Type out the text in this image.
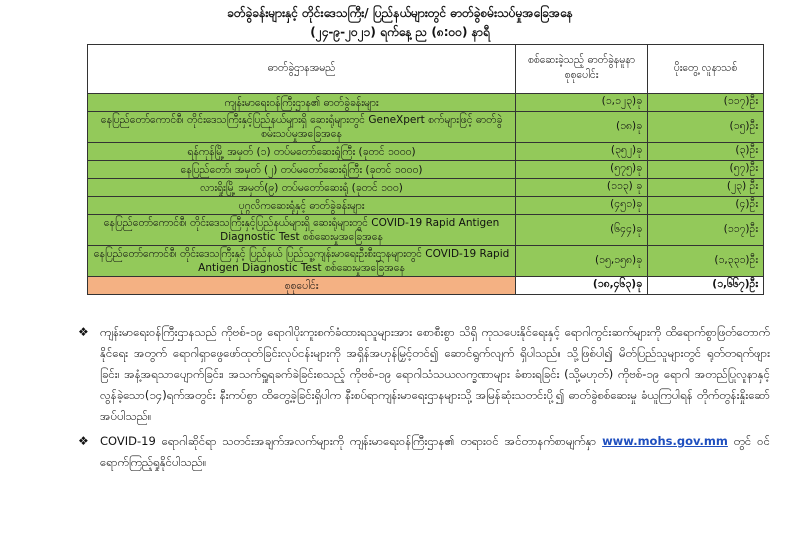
ခတ်ခွဲခန်းများနှင့် တိုင်းဒေသကြီး/ ပြည်နယ်များတွင် ဓာတ်ခွဲစမ်းသပ်မှုအခြေအနေ
(၂၄-၉-၂၀၂၁) ရက်နေ့ ည (၈:၀၀) နာရီ
ဓာတ်ခွဲဌာနအမည်	စစ်ဆေးခဲ့သည့် ဓာတ်ခွဲနမူနာ စုစုပေါင်း	ပိုးတွေ့ လူနာသစ်
ကျန်းမာရေးဝန်ကြီးဌာန၏ ဓာတ်ခွဲခန်းများ	(၁,၁၂၃)ခု	(၁၁၇)ဦး
နေပြည်တော်ကောင်စီ၊ တိုင်းဒေသကြီးနှင့်ပြည်နယ်များရှိ ဆေးရုံများတွင် GeneXpert စက်များဖြင့် ဓာတ်ခွဲစမ်းသပ်မှုအခြေအနေ	(၁၈)ခု	(၁၅)ဦး
ရန်ကုန်မြို့ အမှတ် (၁) တပ်မတော်ဆေးရုံကြီး (ခုတင် ၁၀၀၀)	(၃၅၂)ခု	(၃)ဦး
နေပြည်တော်၊ အမှတ် (၂) တပ်မတော်ဆေးရုံကြီး (ခုတင် ၁၀၀၀)	(၅၇၅)ခု	(၅၇)ဦး
လားရှိုးမြို့ အမှတ်(၉) တပ်မတော်ဆေးရုံ (ခုတင် ၁၀၀)	(၁၁၃) ခု	(၂၃) ဦး
ပုဂ္ဂလိကဆေးရုံနှင့် ဓာတ်ခွဲခန်းများ	(၄၅၁)ခု	(၄)ဦး
နေပြည်တော်ကောင်စီ၊ တိုင်းဒေသကြီးနှင့်ပြည်နယ်များရှိ ဆေးရုံများတွင် COVID-19 Rapid Antigen Diagnostic Test စစ်ဆေးမှုအခြေအနေ	(၆၄၄)ခု	(၁၁၇)ဦး
နေပြည်တော်ကောင်စီ၊ တိုင်းဒေသကြီးနှင့် ပြည်နယ် ပြည်သူ့ကျန်းမာရေးဦးစီးဌာနများတွင် COVID-19 Rapid Antigen Diagnostic Test စစ်ဆေးမှုအခြေအနေ	(၁၅,၁၅၈)ခု	(၁,၃၃၁)ဦး
စုစုပေါင်း	(၁၈,၄၆၃)ခု	(၁,၆၆၇)ဦး
❖ ကျန်းမာရေးဝန်ကြီးဌာနသည် ကိုဗစ်-၁၉ ရောဂါပိုးကူးစက်ခံထားရသူများအား စောစီးစွာ သိရှိ ကုသပေးနိုင်ရေးနှင့် ရောဂါကွင်းဆက်များကို ထိရောက်စွာဖြတ်တောက်နိုင်ရေး အတွက် ရောဂါရှာဖွေဖော်ထုတ်ခြင်းလုပ်ငန်းများကို အရှိန်အဟုန်မြှင့်တင်၍ ဆောင်ရွက်လျက် ရှိပါသည်။ သို့ဖြစ်ပါ၍ မိတ်ပြည်သူများတွင် ရုတ်တရက်ဖျားခြင်း၊ အနံ့အရသာပျောက်ခြင်း၊ အသက်ရှူရခက်ခဲခြင်းစသည့် ကိုဗစ်-၁၉ ရောဂါသံသယလက္ခဏာများ ခံစားရခြင်း (သို့မဟုတ်) ကိုဗစ်-၁၉ ရောဂါ အတည်ပြုလူနာနှင့် လွန်ခဲ့သော(၁၄)ရက်အတွင်း နီးကပ်စွာ ထိတွေ့ခဲ့ခြင်းရှိပါက နီးစပ်ရာကျန်းမာရေးဌာနများသို့ အမြန်ဆုံးသတင်းပို့၍ ဓာတ်ခွဲစစ်ဆေးမှု ခံယူကြပါရန် တိုက်တွန်းနှိုးဆော်အပ်ပါသည်။
❖ COVID-19 ရောဂါဆိုင်ရာ သတင်းအချက်အလက်များကို ကျန်းမာရေးဝန်ကြီးဌာန၏ တရားဝင် အင်တာနက်စာမျက်နှာ www.mohs.gov.mm တွင် ဝင်ရောက်ကြည့်ရှုနိုင်ပါသည်။
